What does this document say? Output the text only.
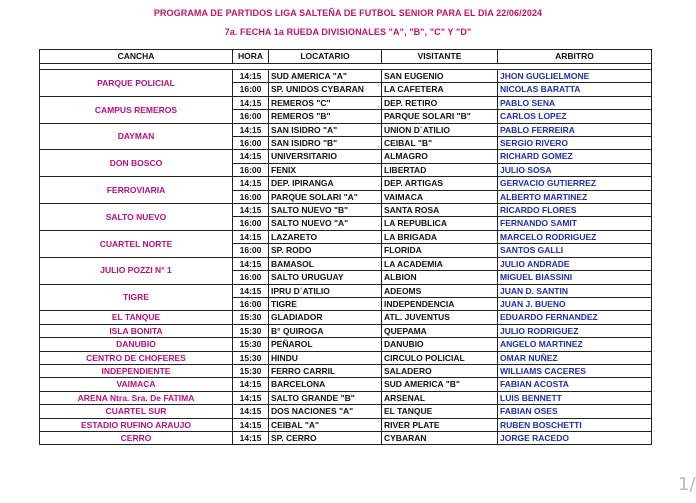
PROGRAMA DE PARTIDOS LIGA SALTEÑA DE FUTBOL SENIOR PARA EL DIA 22/06/2024
7a. FECHA 1a RUEDA DIVISIONALES "A", "B", "C" Y "D"
CANCHA	HORA	LOCATARIO	VISITANTE	ARBITRO

PARQUE POLICIAL	14:15	SUD AMERICA "A"	SAN EUGENIO	JHON GUGLIELMONE
	16:00	SP. UNIDOS CYBARAN	LA CAFETERA	NICOLAS BARATTA
CAMPUS REMEROS	14:15	REMEROS "C"	DEP. RETIRO	PABLO SENA
	16:00	REMEROS "B"	PARQUE SOLARI "B"	CARLOS LOPEZ
DAYMAN	14:15	SAN ISIDRO "A"	UNION D´ATILIO	PABLO FERREIRA
	16:00	SAN ISIDRO "B"	CEIBAL "B"	SERGIO RIVERO
DON BOSCO	14:15	UNIVERSITARIO	ALMAGRO	RICHARD GOMEZ
	16:00	FENIX	LIBERTAD	JULIO SOSA
FERROVIARIA	14:15	DEP. IPIRANGA	DEP. ARTIGAS	GERVACIO GUTIERREZ
	16:00	PARQUE SOLARI "A"	VAIMACA	ALBERTO MARTINEZ
SALTO NUEVO	14:15	SALTO NUEVO "B"	SANTA ROSA	RICARDO FLORES
	16:00	SALTO NUEVO "A"	LA REPUBLICA	FERNANDO SAMIT
CUARTEL NORTE	14:15	LAZARETO	LA BRIGADA	MARCELO RODRIGUEZ
	16:00	SP. RODO	FLORIDA	SANTOS GALLI
JULIO POZZI N° 1	14:15	BAMASOL	LA ACADEMIA	JULIO ANDRADE
	16:00	SALTO URUGUAY	ALBION	MIGUEL BIASSINI
TIGRE	14:15	IPRU D´ATILIO	ADEOMS	JUAN D. SANTIN
	16:00	TIGRE	INDEPENDENCIA	JUAN J. BUENO
EL TANQUE	15:30	GLADIADOR	ATL. JUVENTUS	EDUARDO FERNANDEZ
ISLA BONITA	15:30	B° QUIROGA	QUEPAMA	JULIO RODRIGUEZ
DANUBIO	15:30	PEÑAROL	DANUBIO	ANGELO MARTINEZ
CENTRO DE CHOFERES	15:30	HINDU	CIRCULO POLICIAL	OMAR NUÑEZ
INDEPENDIENTE	15:30	FERRO CARRIL	SALADERO	WILLIAMS CACERES
VAIMACA	14:15	BARCELONA	SUD AMERICA "B"	FABIAN ACOSTA
ARENA Ntra. Sra. De FATIMA	14:15	SALTO GRANDE "B"	ARSENAL	LUIS BENNETT
CUARTEL SUR	14:15	DOS NACIONES "A"	EL TANQUE	FABIAN OSES
ESTADIO RUFINO ARAUJO	14:15	CEIBAL "A"	RIVER PLATE	RUBEN BOSCHETTI
CERRO	14:15	SP. CERRO	CYBARAN	JORGE RACEDO
1/
